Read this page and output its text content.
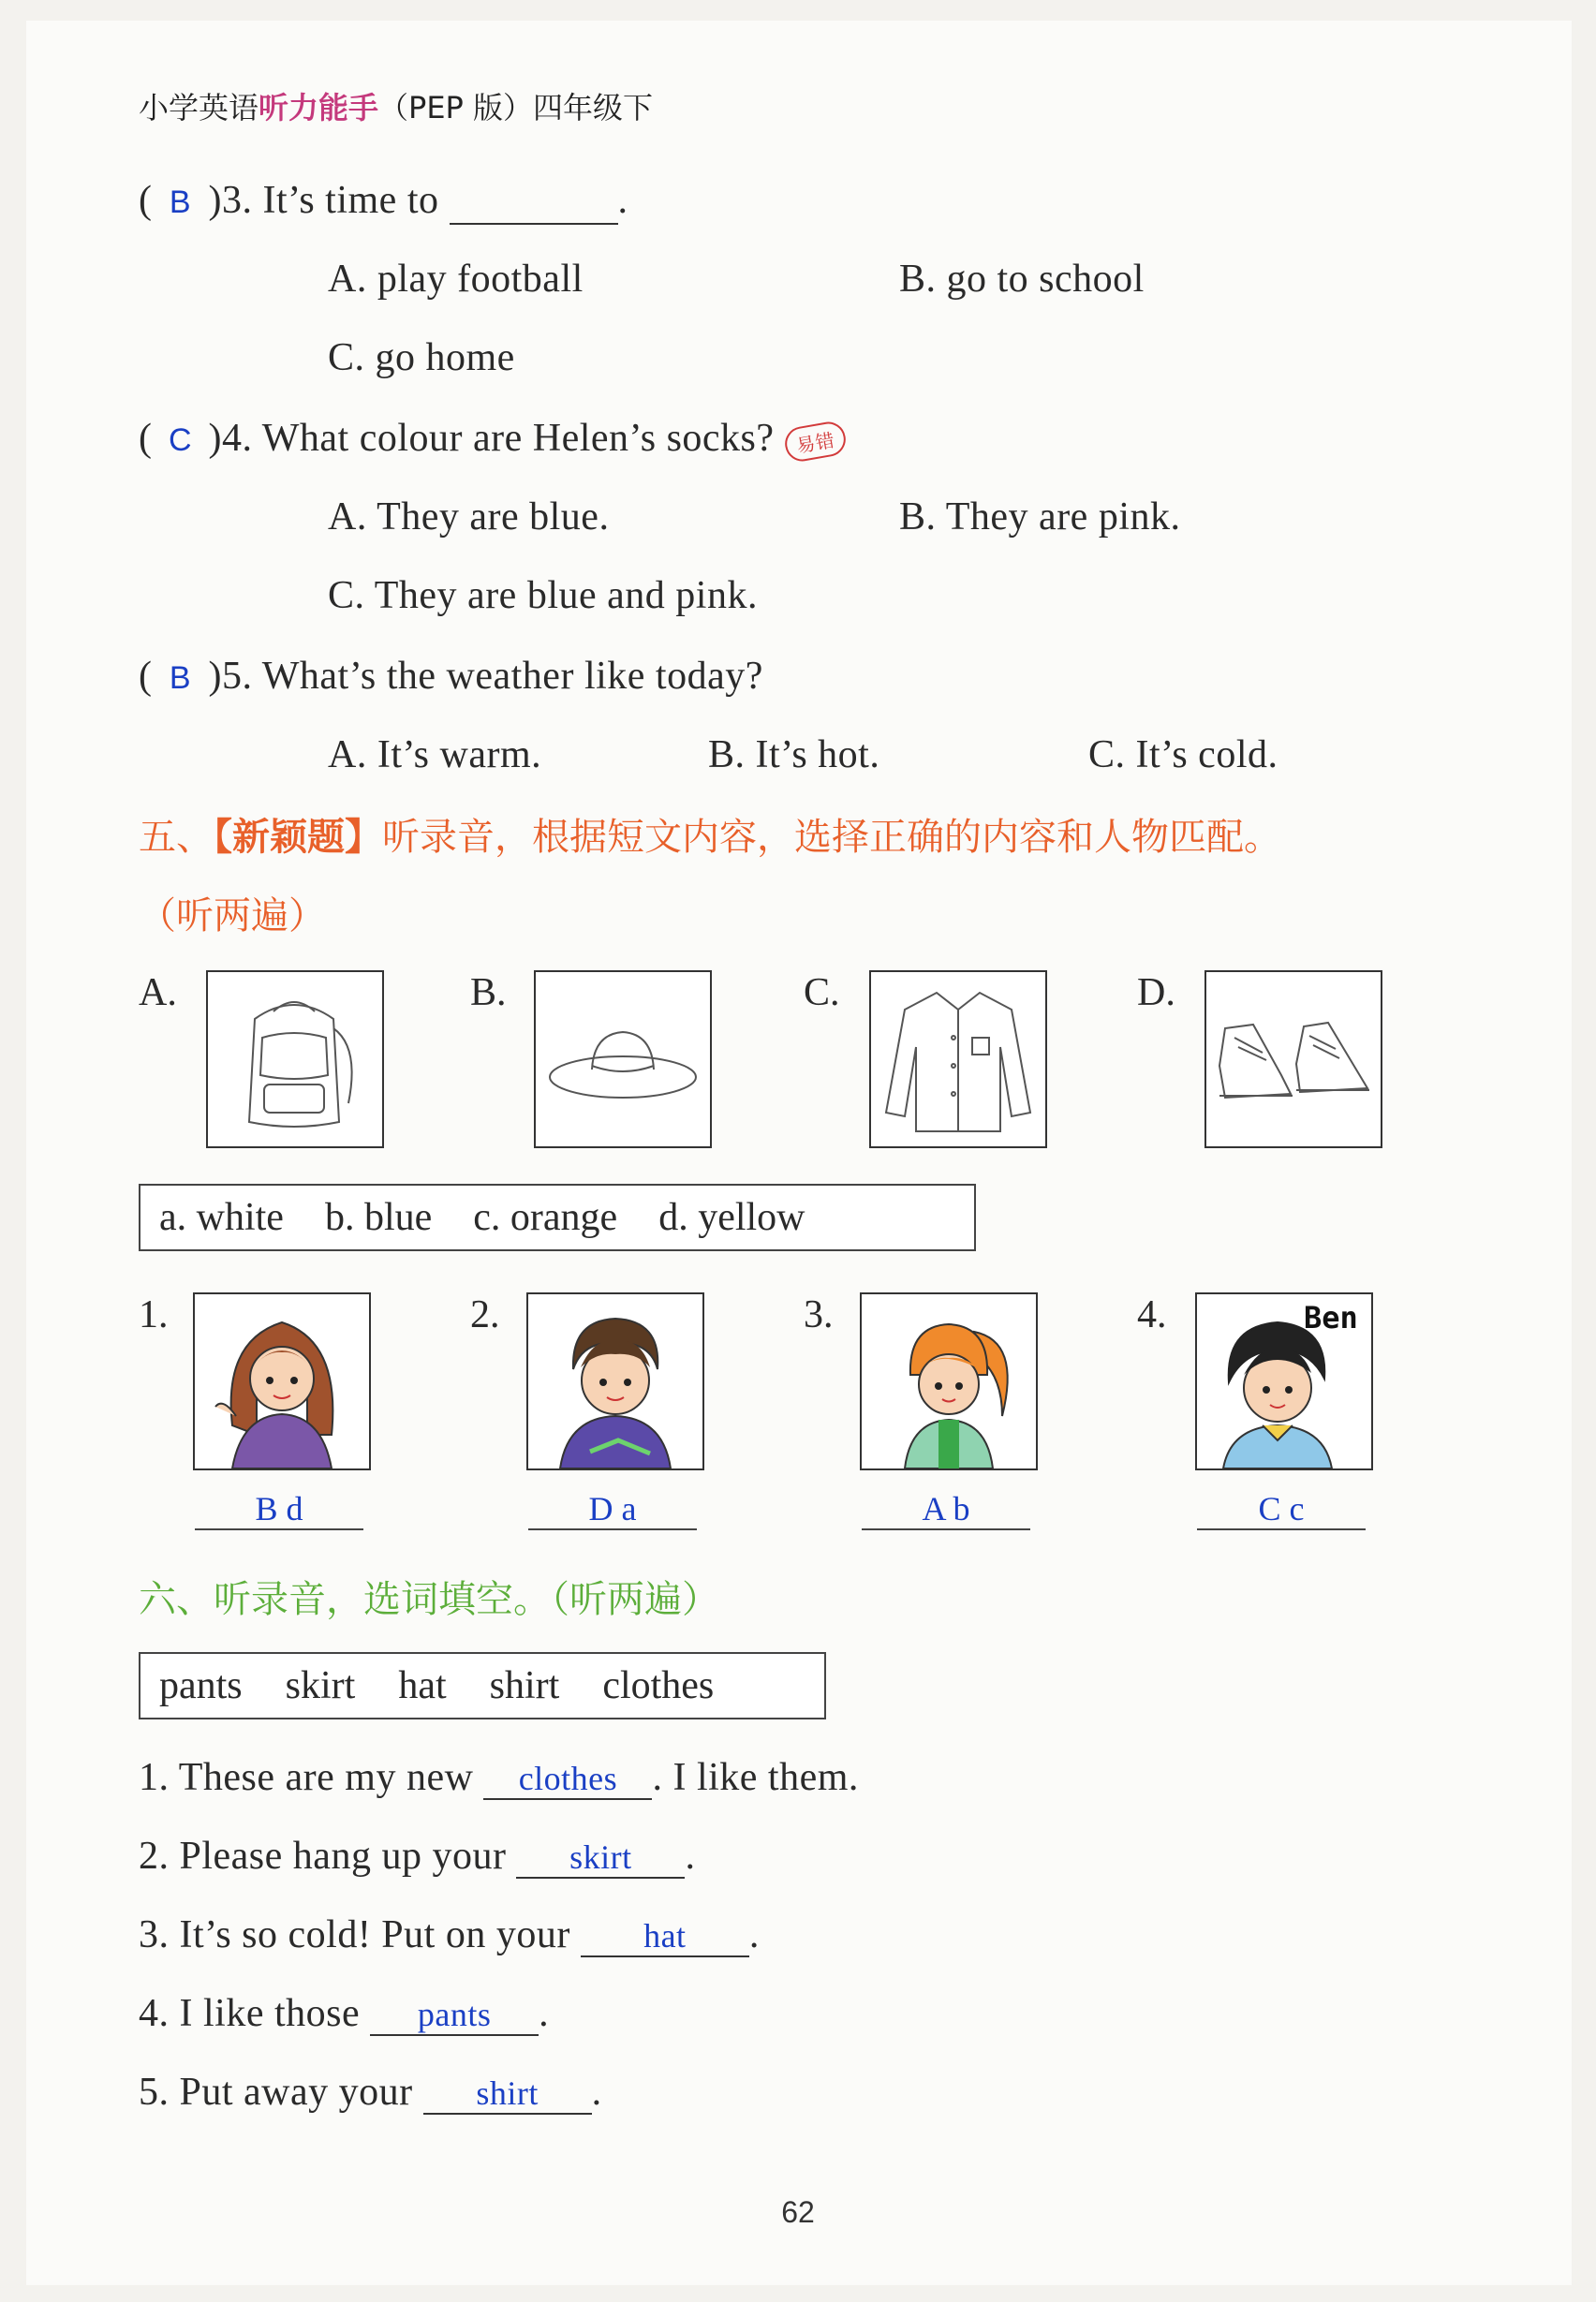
小学英语听力能手（PEP 版）四年级下
( B )3. It’s time to	.
A. play football	B. go to school
C. go home
( C )4. What colour are Helen’s socks? 易错
A. They are blue.	B. They are pink.
C. They are blue and pink.
( B )5. What’s the weather like today?
A. It’s warm.	B. It’s hot.	C. It’s cold.
五、【新颖题】听录音，根据短文内容，选择正确的内容和人物匹配。
（听两遍）
A.	B.	C.	D.
a. white b. blue c. orange d. yellow
1.
B d
2.
D a
3.
A b
4.	Ben
C c
六、听录音，选词填空。（听两遍）
pants skirt hat shirt clothes
1. These are my new clothes . I like them.
2. Please hang up your skirt .
3. It’s so cold! Put on your hat .
4. I like those pants .
5. Put away your shirt .
62
